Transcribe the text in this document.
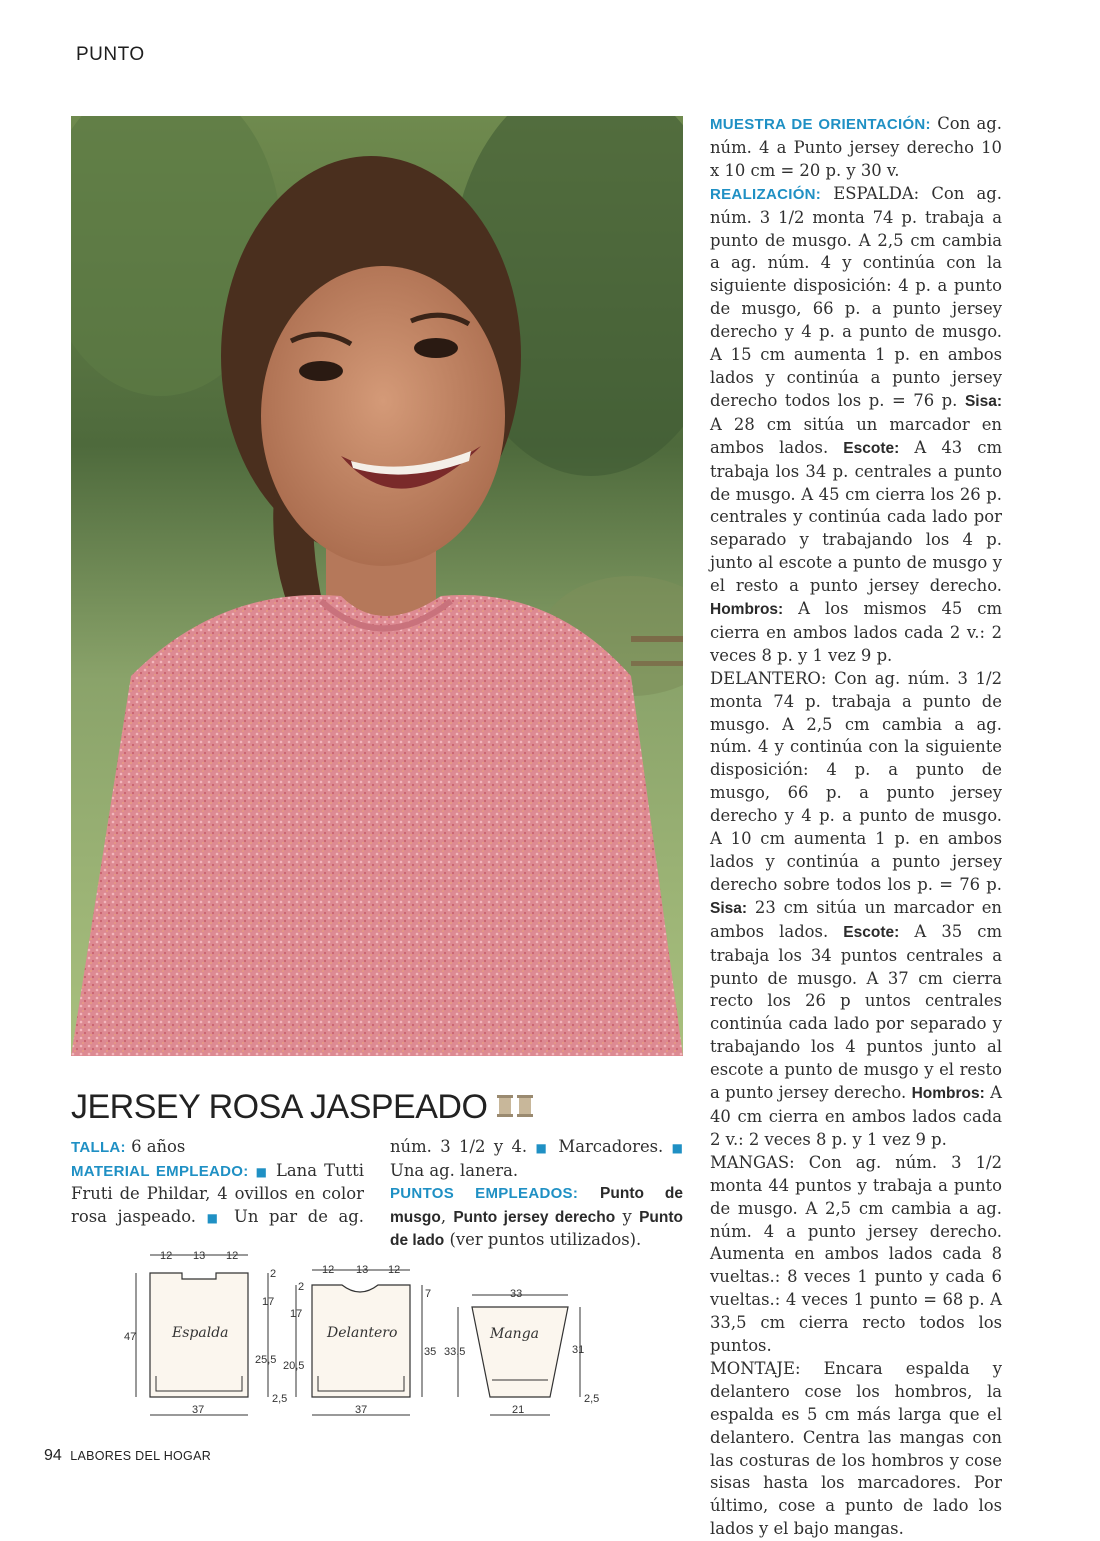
PUNTO

MUESTRA DE ORIENTACIÓN: Con ag. núm. 4 a Punto jersey derecho 10 x 10 cm = 20 p. y 30 v.

REALIZACIÓN: ESPALDA: Con ag. núm. 3 1/2 monta 74 p. trabaja a punto de musgo. A 2,5 cm cambia a ag. núm. 4 y continúa con la siguiente disposición: 4 p. a punto de musgo, 66 p. a punto jersey derecho y 4 p. a punto de musgo. A 15 cm aumenta 1 p. en ambos lados y continúa a punto jersey derecho todos los p. = 76 p. Sisa: A 28 cm sitúa un marcador en ambos lados. Escote: A 43 cm trabaja los 34 p. centrales a punto de musgo. A 45 cm cierra los 26 p. centrales y continúa cada lado por separado y trabajando los 4 p. junto al escote a punto de musgo y el resto a punto jersey derecho. Hombros: A los mismos 45 cm cierra en ambos lados cada 2 v.: 2 veces 8 p. y 1 vez 9 p.

DELANTERO: Con ag. núm. 3 1/2 monta 74 p. trabaja a punto de musgo. A 2,5 cm cambia a ag. núm. 4 y continúa con la siguiente disposición: 4 p. a punto de musgo, 66 p. a punto jersey derecho y 4 p. a punto de musgo. A 10 cm aumenta 1 p. en ambos lados y continúa a punto jersey derecho sobre todos los p. = 76 p. Sisa: 23 cm sitúa un marcador en ambos lados. Escote: A 35 cm trabaja los 34 puntos centrales a punto de musgo. A 37 cm cierra recto los 26 p untos centrales continúa cada lado por separado y trabajando los 4 puntos junto al escote a punto de musgo y el resto a punto jersey derecho. Hombros: A 40 cm cierra en ambos lados cada 2 v.: 2 veces 8 p. y 1 vez 9 p.

MANGAS: Con ag. núm. 3 1/2 monta 44 puntos y trabaja a punto de musgo. A 2,5 cm cambia a ag. núm. 4 a punto jersey derecho. Aumenta en ambos lados cada 8 vueltas.: 8 veces 1 punto y cada 6 vueltas.: 4 veces 1 punto = 68 p. A 33,5 cm cierra recto todos los puntos.

MONTAJE: Encara espalda y delantero cose los hombros, la espalda es 5 cm más larga que el delantero. Centra las mangas con las costuras de los hombros y cose sisas hasta los marcadores. Por último, cose a punto de lado los lados y el bajo mangas.

JERSEY ROSA JASPEADO

TALLA: 6 años

MATERIAL EMPLEADO: ■ Lana Tutti Fruti de Phildar, 4 ovillos en color rosa jaspeado. ■ Un par de ag. núm. 3 1/2 y 4. ■ Marcadores. ■ Una ag. lanera.

PUNTOS EMPLEADOS: Punto de musgo, Punto jersey derecho y Punto de lado (ver puntos utilizados).

Espalda
12 13 12
47
2
17
25,5
2,5
37
Delantero
12 13 12
2
17
20,5
7
35
37
Manga
33
33,5	31
2,5
21
94 LABORES DEL HOGAR
